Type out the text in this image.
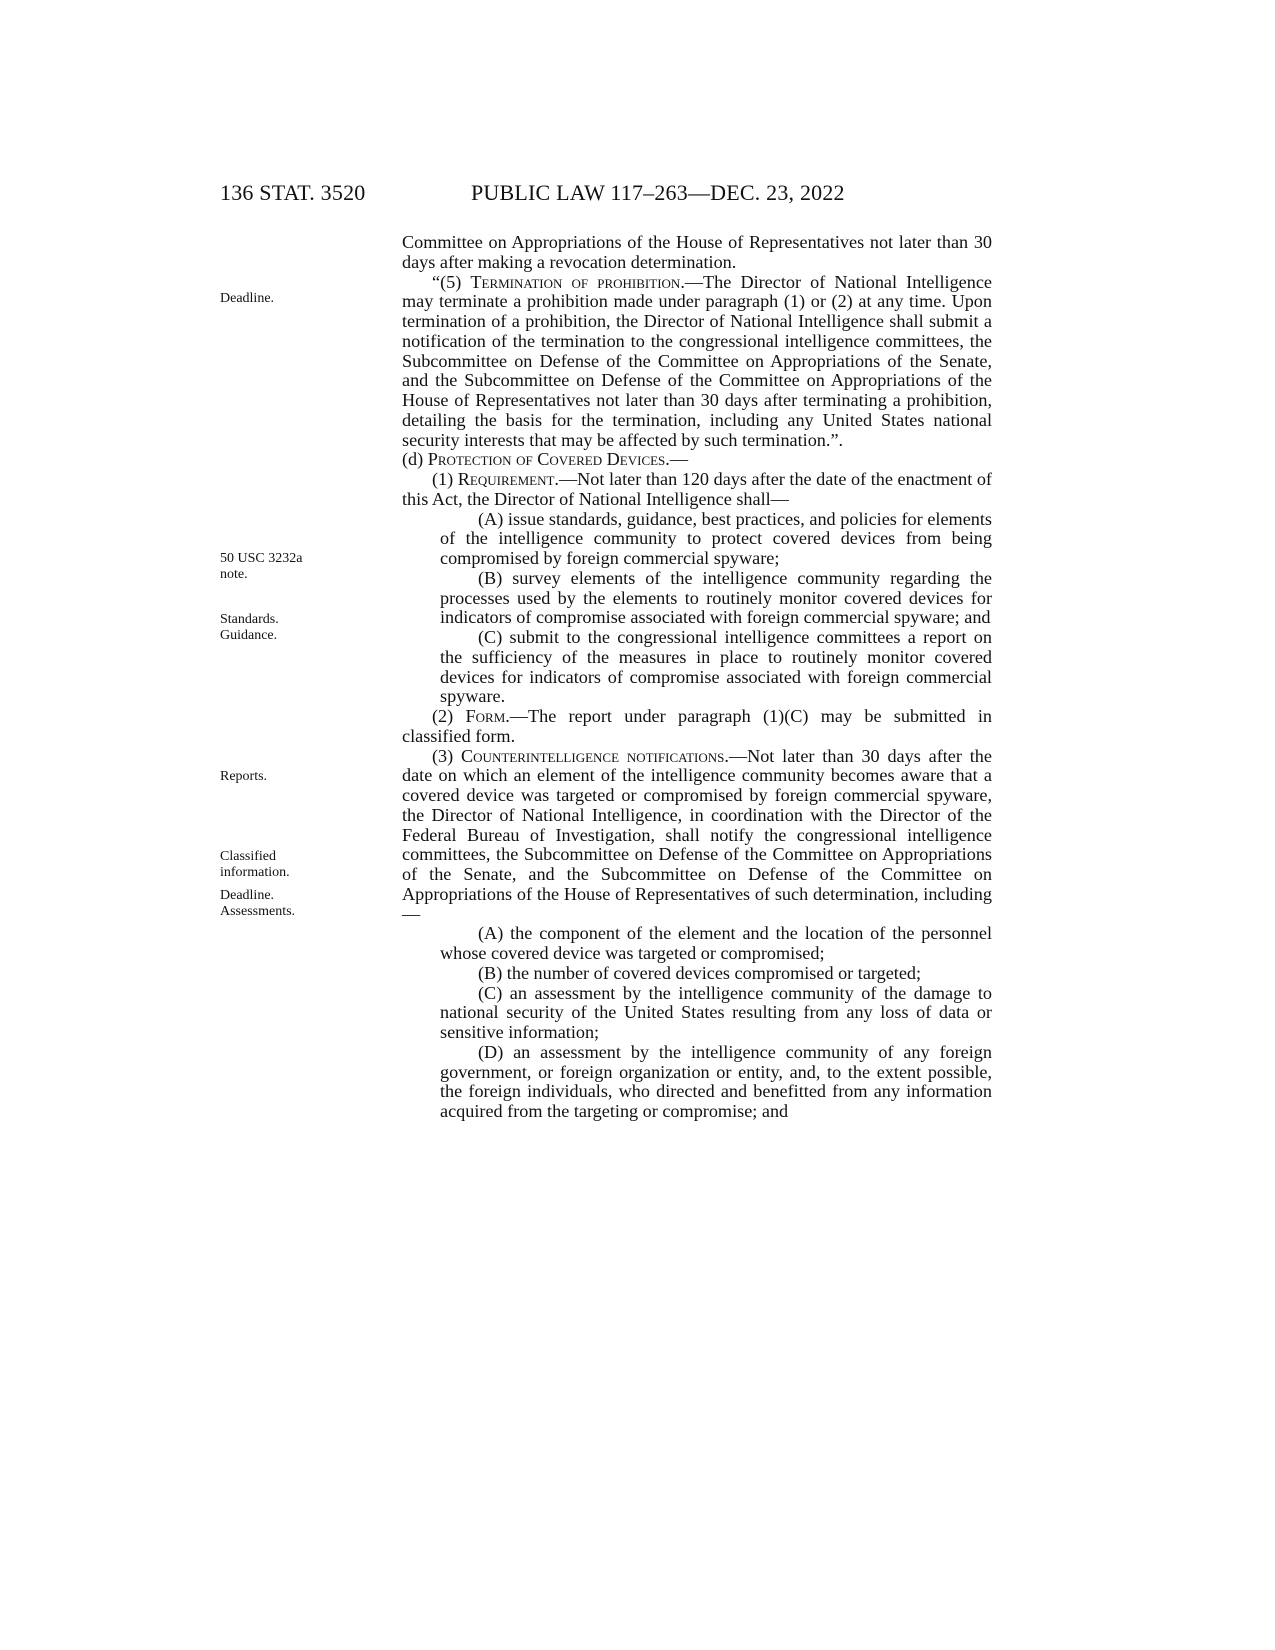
136 STAT. 3520	PUBLIC LAW 117–263—DEC. 23, 2022
Deadline.
50 USC 3232a
note.
Standards.
Guidance.
Reports.
Classified
information.
Deadline.
Assessments.

Committee on Appropriations of the House of Representatives not later than 30 days after making a revocation determination.

“(5) Termination of prohibition.—The Director of National Intelligence may terminate a prohibition made under paragraph (1) or (2) at any time. Upon termination of a prohibition, the Director of National Intelligence shall submit a notification of the termination to the congressional intelligence committees, the Subcommittee on Defense of the Committee on Appropriations of the Senate, and the Subcommittee on Defense of the Committee on Appropriations of the House of Representatives not later than 30 days after terminating a prohibition, detailing the basis for the termination, including any United States national security interests that may be affected by such termination.”.

(d) Protection of Covered Devices.—

(1) Requirement.—Not later than 120 days after the date of the enactment of this Act, the Director of National Intelligence shall—

(A) issue standards, guidance, best practices, and policies for elements of the intelligence community to protect covered devices from being compromised by foreign commercial spyware;

(B) survey elements of the intelligence community regarding the processes used by the elements to routinely monitor covered devices for indicators of compromise associated with foreign commercial spyware; and

(C) submit to the congressional intelligence committees a report on the sufficiency of the measures in place to routinely monitor covered devices for indicators of compromise associated with foreign commercial spyware.

(2) Form.—The report under paragraph (1)(C) may be submitted in classified form.

(3) Counterintelligence notifications.—Not later than 30 days after the date on which an element of the intelligence community becomes aware that a covered device was targeted or compromised by foreign commercial spyware, the Director of National Intelligence, in coordination with the Director of the Federal Bureau of Investigation, shall notify the congressional intelligence committees, the Subcommittee on Defense of the Committee on Appropriations of the Senate, and the Subcommittee on Defense of the Committee on Appropriations of the House of Representatives of such determination, including—

(A) the component of the element and the location of the personnel whose covered device was targeted or compromised;

(B) the number of covered devices compromised or targeted;

(C) an assessment by the intelligence community of the damage to national security of the United States resulting from any loss of data or sensitive information;

(D) an assessment by the intelligence community of any foreign government, or foreign organization or entity, and, to the extent possible, the foreign individuals, who directed and benefitted from any information acquired from the targeting or compromise; and
